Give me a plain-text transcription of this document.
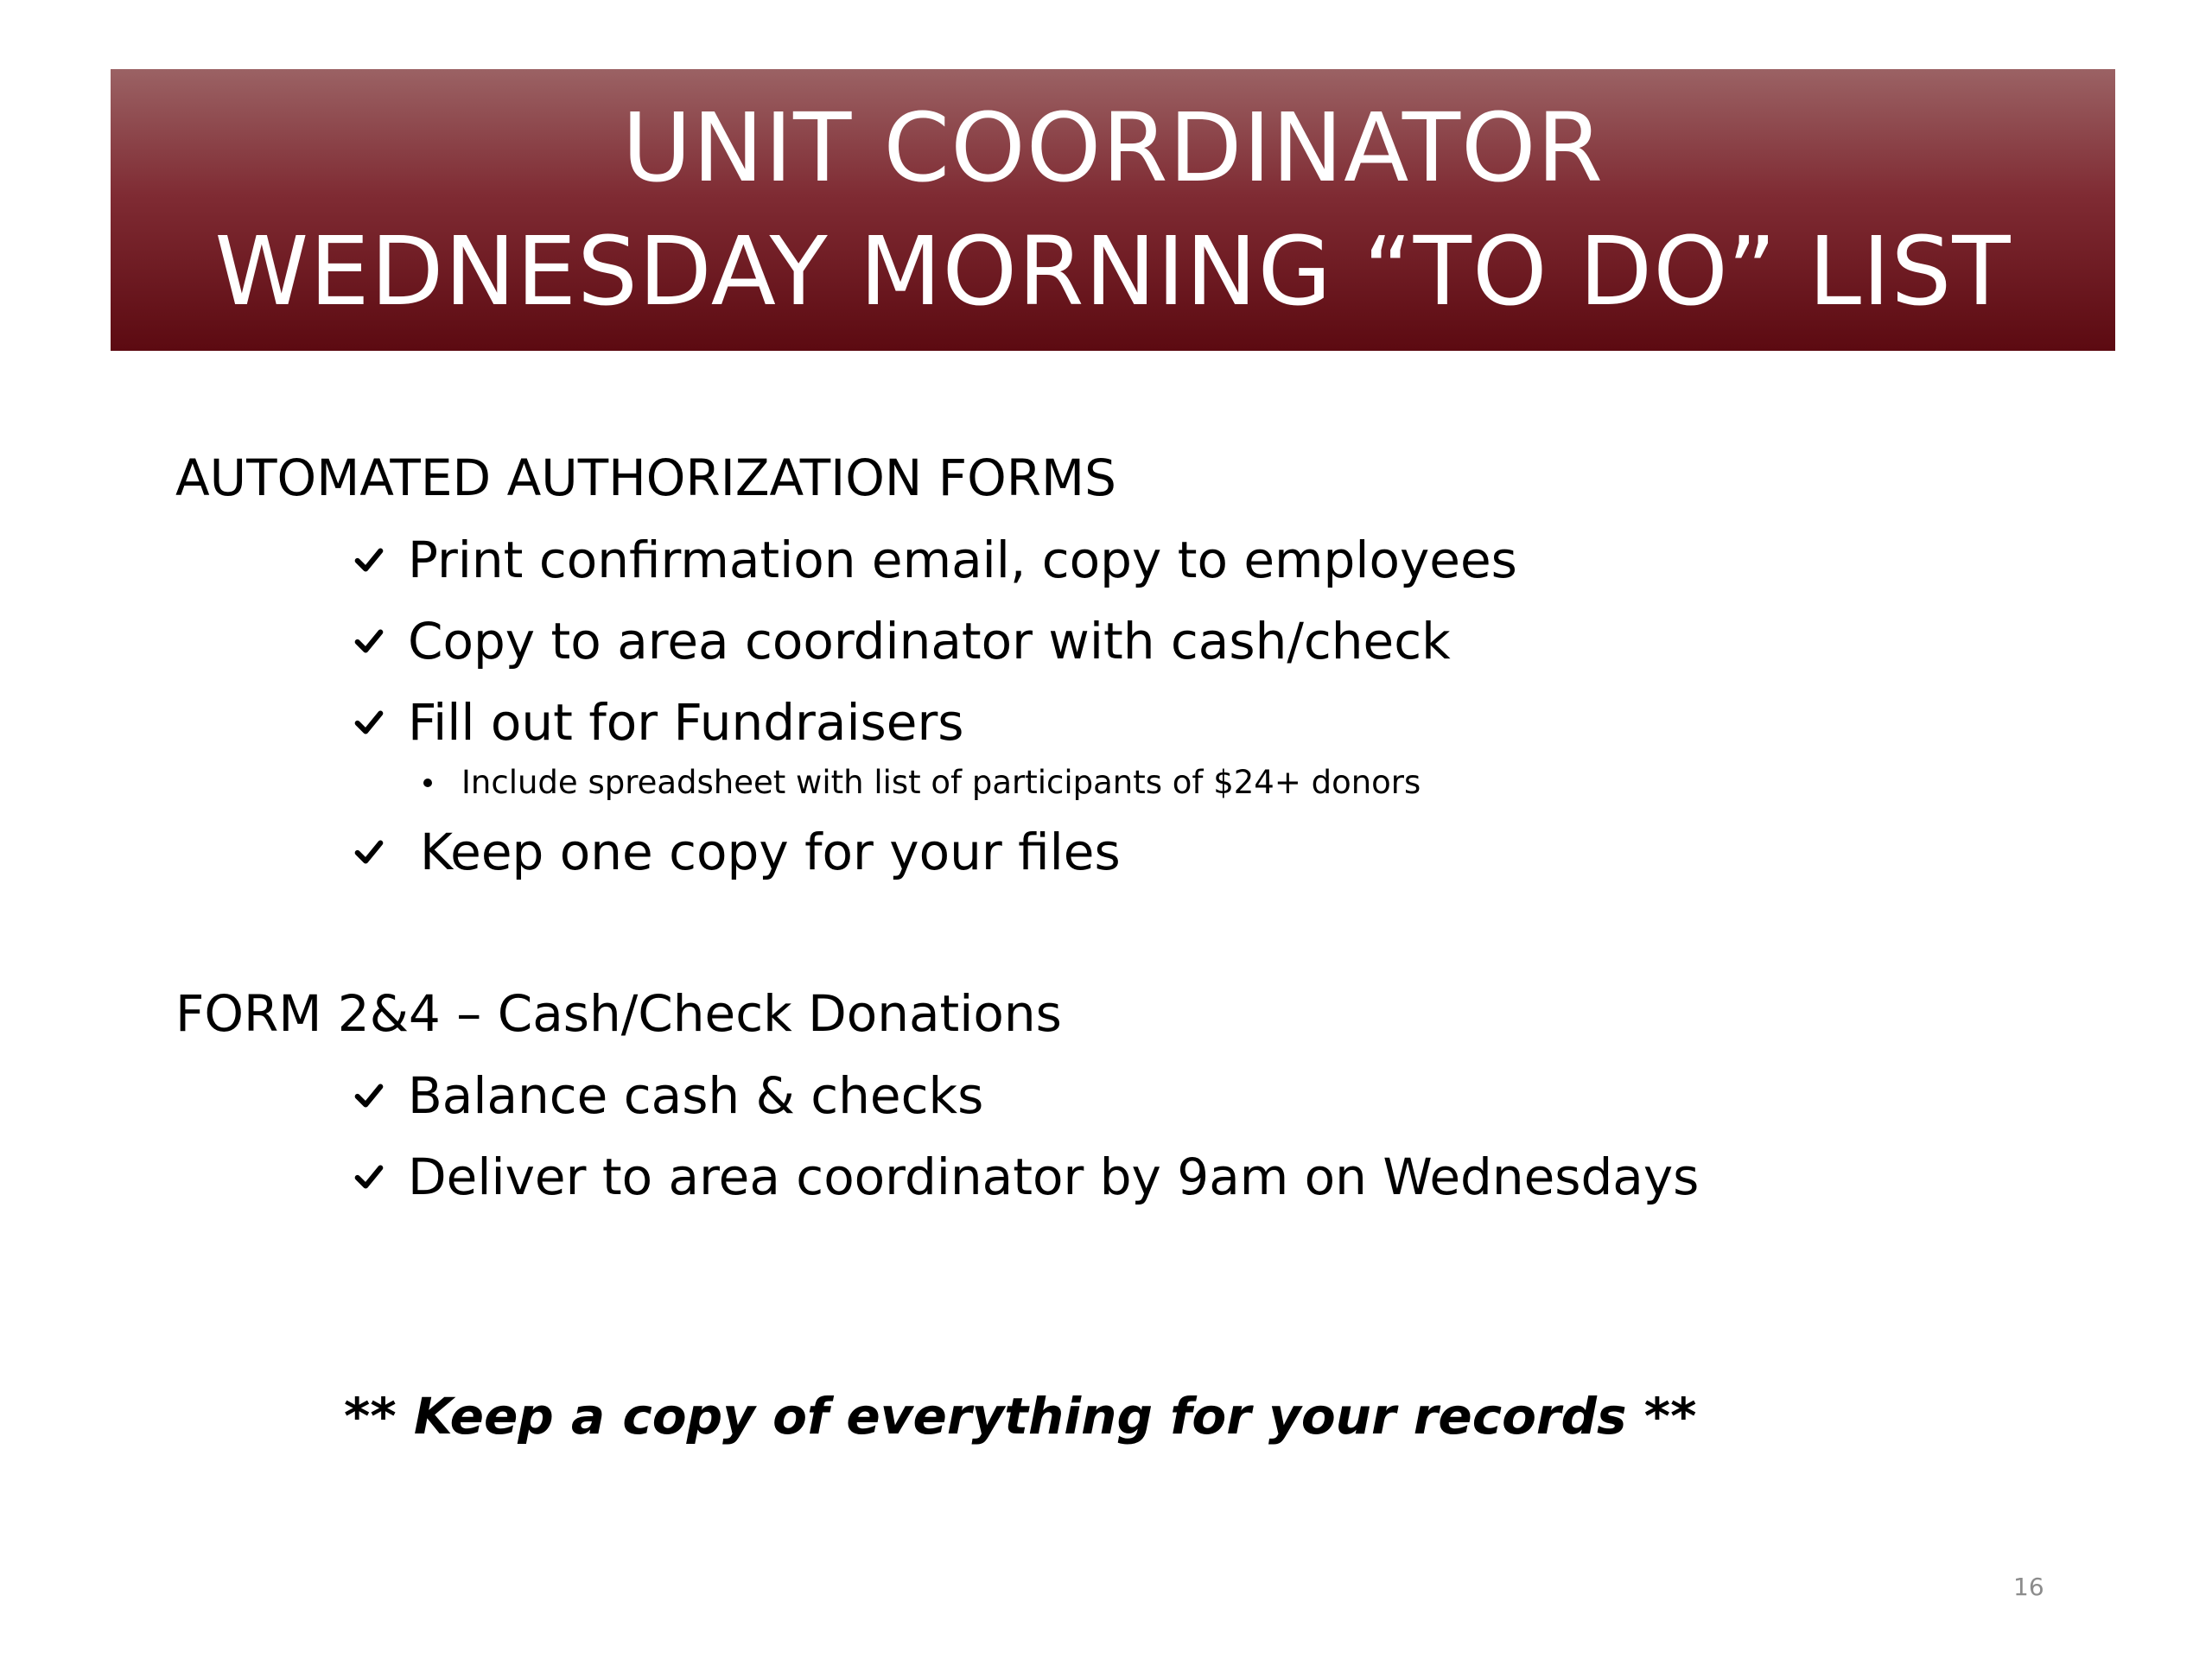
UNIT COORDINATOR
WEDNESDAY MORNING “TO DO” LIST
AUTOMATED AUTHORIZATION FORMS
Print confirmation email, copy to employees
Copy to area coordinator with cash/check
Fill out for Fundraisers
Include spreadsheet with list of participants of $24+ donors
Keep one copy for your files
FORM 2&4 – Cash/Check Donations
Balance cash & checks
Deliver to area coordinator by 9am on Wednesdays
** Keep a copy of everything for your records **
16
